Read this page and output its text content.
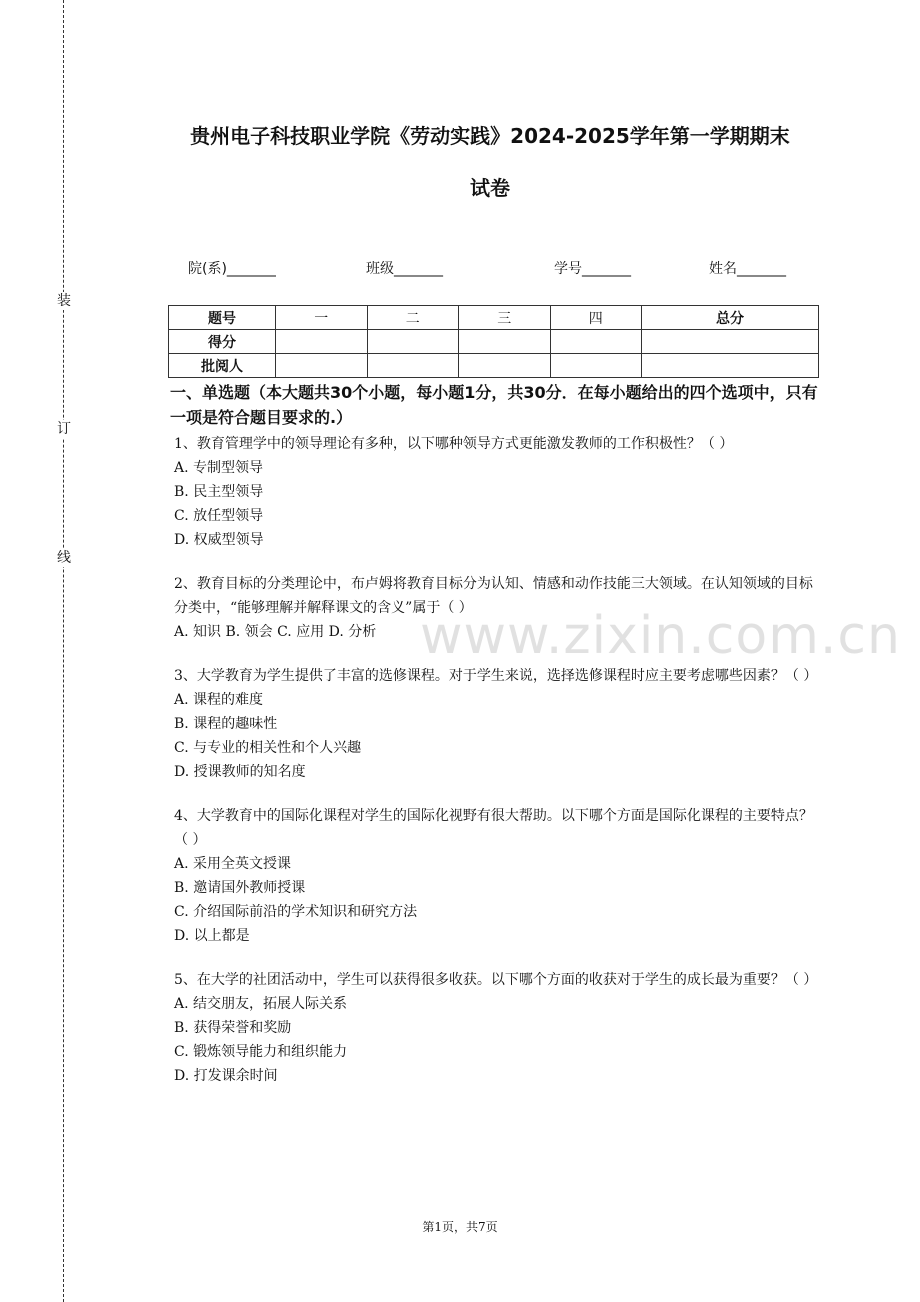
装
订
线
贵州电子科技职业学院《劳动实践》2024-2025学年第一学期期末
试卷
院(系)_______	班级_______	学号_______	姓名_______
题号	一	二	三	四	总分
得分					
批阅人					

一、单选题（本大题共30个小题，每小题1分，共30分．在每小题给出的四个选项中，只有一项是符合题目要求的.）

1、教育管理学中的领导理论有多种，以下哪种领导方式更能激发教师的工作积极性？（ ）

A. 专制型领导

B. 民主型领导

C. 放任型领导

D. 权威型领导

2、教育目标的分类理论中，布卢姆将教育目标分为认知、情感和动作技能三大领域。在认知领域的目标分类中，“能够理解并解释课文的含义”属于（ ）

A. 知识 B. 领会 C. 应用 D. 分析

3、大学教育为学生提供了丰富的选修课程。对于学生来说，选择选修课程时应主要考虑哪些因素？（ ）

A. 课程的难度

B. 课程的趣味性

C. 与专业的相关性和个人兴趣

D. 授课教师的知名度

4、大学教育中的国际化课程对学生的国际化视野有很大帮助。以下哪个方面是国际化课程的主要特点？（ ）

A. 采用全英文授课

B. 邀请国外教师授课

C. 介绍国际前沿的学术知识和研究方法

D. 以上都是

5、在大学的社团活动中，学生可以获得很多收获。以下哪个方面的收获对于学生的成长最为重要？（ ）

A. 结交朋友，拓展人际关系

B. 获得荣誉和奖励

C. 锻炼领导能力和组织能力

D. 打发课余时间

www.zixin.com.cn
第1页，共7页
